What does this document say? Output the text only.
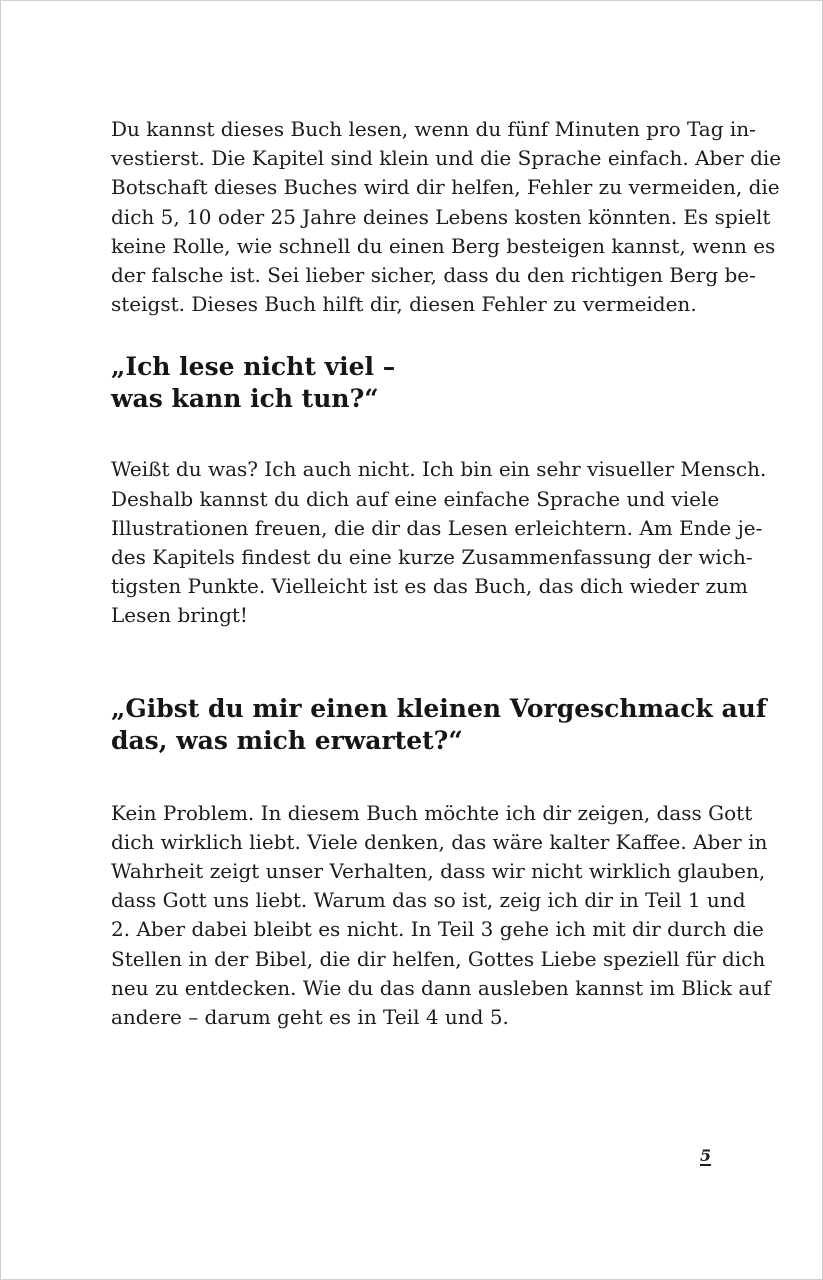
Du kannst dieses Buch lesen, wenn du fünf Minuten pro Tag in-
vestierst. Die Kapitel sind klein und die Sprache einfach. Aber die
Botschaft dieses Buches wird dir helfen, Fehler zu vermeiden, die
dich 5, 10 oder 25 Jahre deines Lebens kosten könnten. Es spielt
keine Rolle, wie schnell du einen Berg besteigen kannst, wenn es
der falsche ist. Sei lieber sicher, dass du den richtigen Berg be-
steigst. Dieses Buch hilft dir, diesen Fehler zu vermeiden.

„Ich lese nicht viel –
was kann ich tun?“

Weißt du was? Ich auch nicht. Ich bin ein sehr visueller Mensch.
Deshalb kannst du dich auf eine einfache Sprache und viele
Illustrationen freuen, die dir das Lesen erleichtern. Am Ende je-
des Kapitels findest du eine kurze Zusammenfassung der wich-
tigsten Punkte. Vielleicht ist es das Buch, das dich wieder zum
Lesen bringt!

„Gibst du mir einen kleinen Vorgeschmack auf
das, was mich erwartet?“

Kein Problem. In diesem Buch möchte ich dir zeigen, dass Gott
dich wirklich liebt. Viele denken, das wäre kalter Kaffee. Aber in
Wahrheit zeigt unser Verhalten, dass wir nicht wirklich glauben,
dass Gott uns liebt. Warum das so ist, zeig ich dir in Teil 1 und
2. Aber dabei bleibt es nicht. In Teil 3 gehe ich mit dir durch die
Stellen in der Bibel, die dir helfen, Gottes Liebe speziell für dich
neu zu entdecken. Wie du das dann ausleben kannst im Blick auf
andere – darum geht es in Teil 4 und 5.

5
